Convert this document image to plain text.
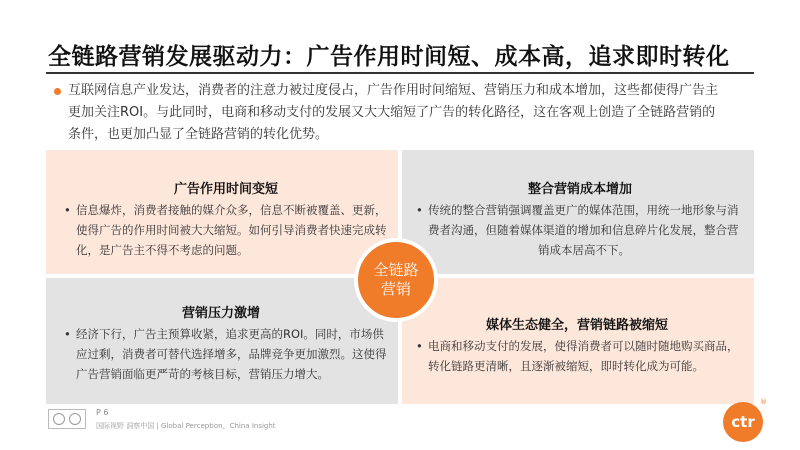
全链路营销发展驱动力：广告作用时间短、成本高，追求即时转化

互联网信息产业发达，消费者的注意力被过度侵占，广告作用时间缩短、营销压力和成本增加，这些都使得广告主

更加关注ROI。与此同时，电商和移动支付的发展又大大缩短了广告的转化路径，这在客观上创造了全链路营销的

条件，也更加凸显了全链路营销的转化优势。

广告作用时间变短
• 信息爆炸，消费者接触的媒介众多，信息不断被覆盖、更新，
使得广告的作用时间被大大缩短。如何引导消费者快速完成转
化，是广告主不得不考虑的问题。
整合营销成本增加
• 传统的整合营销强调覆盖更广的媒体范围，用统一地形象与消
费者沟通，但随着媒体渠道的增加和信息碎片化发展，整合营
销成本居高不下。
营销压力激增
• 经济下行，广告主预算收紧，追求更高的ROI。同时，市场供
应过剩，消费者可替代选择增多，品牌竞争更加激烈。这使得
广告营销面临更严苛的考核目标，营销压力增大。
媒体生态健全，营销链路被缩短
• 电商和移动支付的发展，使得消费者可以随时随地购买商品，
转化链路更清晰，且逐渐被缩短，即时转化成为可能。
全链路
营销
P 6
国际视野 洞察中国 | Global Perception，China Insight	ctr
®
